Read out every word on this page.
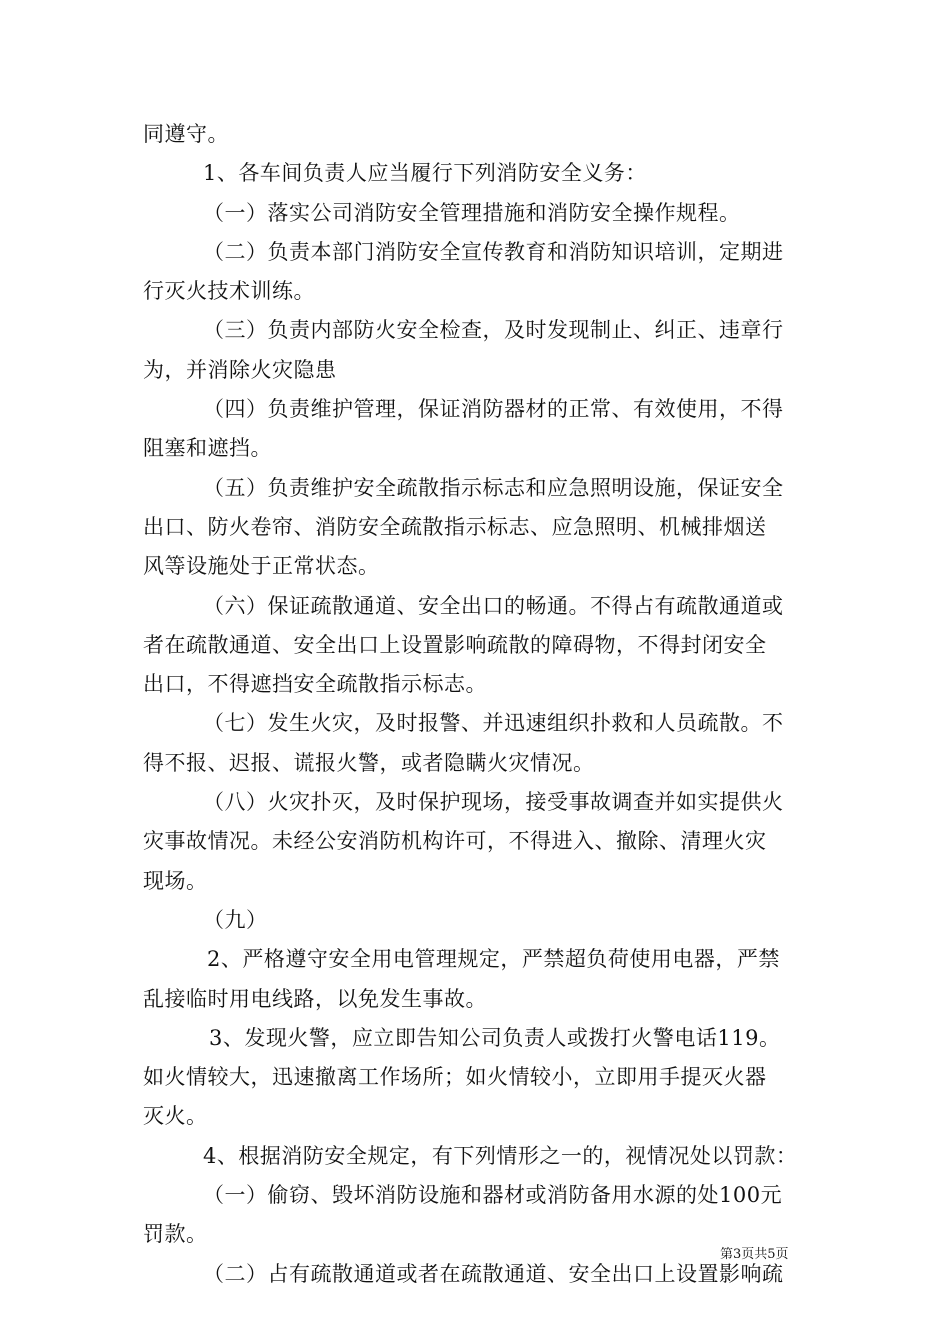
同遵守。
1、各车间负责人应当履行下列消防安全义务：
（一）落实公司消防安全管理措施和消防安全操作规程。
（二）负责本部门消防安全宣传教育和消防知识培训，定期进
行灭火技术训练。
（三）负责内部防火安全检查，及时发现制止、纠正、违章行
为，并消除火灾隐患
（四）负责维护管理，保证消防器材的正常、有效使用，不得
阻塞和遮挡。
（五）负责维护安全疏散指示标志和应急照明设施，保证安全
出口、防火卷帘、消防安全疏散指示标志、应急照明、机械排烟送
风等设施处于正常状态。
（六）保证疏散通道、安全出口的畅通。不得占有疏散通道或
者在疏散通道、安全出口上设置影响疏散的障碍物，不得封闭安全
出口，不得遮挡安全疏散指示标志。
（七）发生火灾，及时报警、并迅速组织扑救和人员疏散。不
得不报、迟报、谎报火警，或者隐瞒火灾情况。
（八）火灾扑灭，及时保护现场，接受事故调查并如实提供火
灾事故情况。未经公安消防机构许可，不得进入、撤除、清理火灾
现场。
（九）
2、严格遵守安全用电管理规定，严禁超负荷使用电器，严禁
乱接临时用电线路，以免发生事故。
3、发现火警，应立即告知公司负责人或拨打火警电话119。
如火情较大，迅速撤离工作场所；如火情较小，立即用手提灭火器
灭火。
4、根据消防安全规定，有下列情形之一的，视情况处以罚款：
（一）偷窃、毁坏消防设施和器材或消防备用水源的处100元
罚款。
（二）占有疏散通道或者在疏散通道、安全出口上设置影响疏
第3页共5页
